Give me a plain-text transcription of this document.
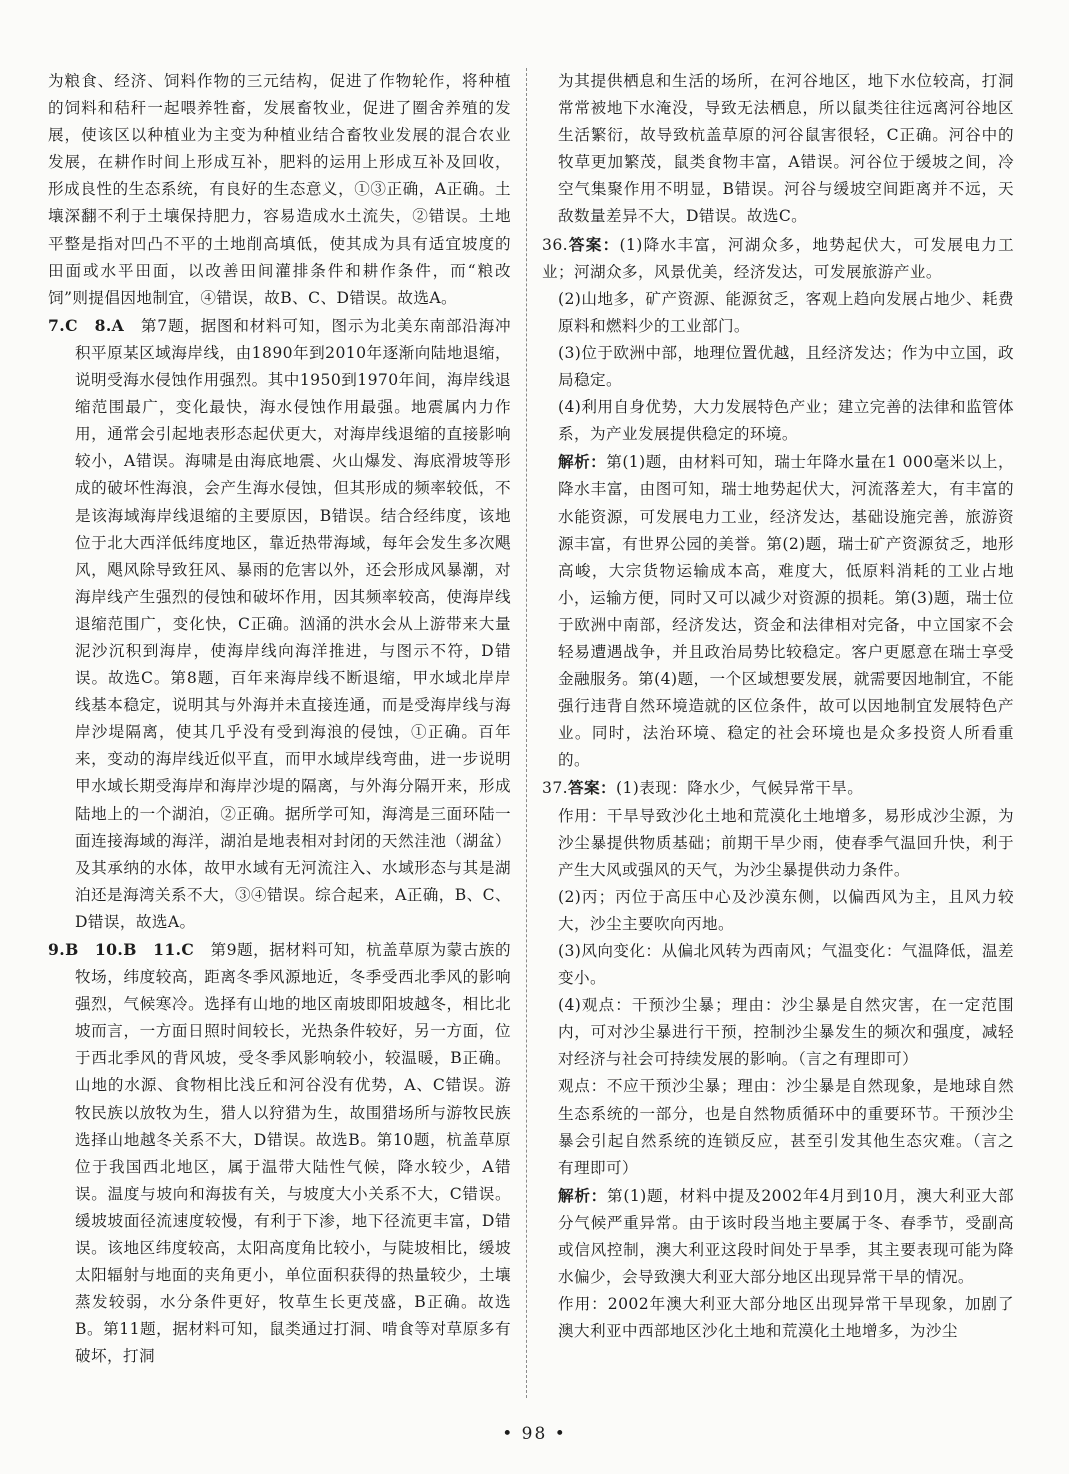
为粮食、经济、饲料作物的三元结构，促进了作物轮作，将种植的饲料和秸秆一起喂养牲畜，发展畜牧业，促进了圈舍养殖的发展，使该区以种植业为主变为种植业结合畜牧业发展的混合农业发展，在耕作时间上形成互补，肥料的运用上形成互补及回收，形成良性的生态系统，有良好的生态意义，①③正确，A正确。土壤深翻不利于土壤保持肥力，容易造成水土流失，②错误。土地平整是指对凹凸不平的土地削高填低，使其成为具有适宜坡度的田面或水平田面，以改善田间灌排条件和耕作条件，而“粮改饲”则提倡因地制宜，④错误，故B、C、D错误。故选A。

7.C　8.A　 第7题，据图和材料可知，图示为北美东南部沿海冲积平原某区域海岸线，由1890年到2010年逐渐向陆地退缩，说明受海水侵蚀作用强烈。其中1950到1970年间，海岸线退缩范围最广，变化最快，海水侵蚀作用最强。地震属内力作用，通常会引起地表形态起伏更大，对海岸线退缩的直接影响较小，A错误。海啸是由海底地震、火山爆发、海底滑坡等形成的破坏性海浪，会产生海水侵蚀，但其形成的频率较低，不是该海域海岸线退缩的主要原因，B错误。结合经纬度，该地位于北大西洋低纬度地区，靠近热带海域，每年会发生多次飓风，飓风除导致狂风、暴雨的危害以外，还会形成风暴潮，对海岸线产生强烈的侵蚀和破坏作用，因其频率较高，使海岸线退缩范围广，变化快，C正确。汹涌的洪水会从上游带来大量泥沙沉积到海岸，使海岸线向海洋推进，与图示不符，D错误。故选C。第8题，百年来海岸线不断退缩，甲水域北岸岸线基本稳定，说明其与外海并未直接连通，而是受海岸线与海岸沙堤隔离，使其几乎没有受到海浪的侵蚀，①正确。百年来，变动的海岸线近似平直，而甲水域岸线弯曲，进一步说明甲水域长期受海岸和海岸沙堤的隔离，与外海分隔开来，形成陆地上的一个湖泊，②正确。据所学可知，海湾是三面环陆一面连接海域的海洋，湖泊是地表相对封闭的天然洼池（湖盆）及其承纳的水体，故甲水域有无河流注入、水域形态与其是湖泊还是海湾关系不大，③④错误。综合起来，A正确，B、C、D错误，故选A。

9.B　10.B　11.C　 第9题，据材料可知，杭盖草原为蒙古族的牧场，纬度较高，距离冬季风源地近，冬季受西北季风的影响强烈，气候寒冷。选择有山地的地区南坡即阳坡越冬，相比北坡而言，一方面日照时间较长，光热条件较好，另一方面，位于西北季风的背风坡，受冬季风影响较小，较温暖，B正确。山地的水源、食物相比浅丘和河谷没有优势，A、C错误。游牧民族以放牧为生，猎人以狩猎为生，故围猎场所与游牧民族选择山地越冬关系不大，D错误。故选B。第10题，杭盖草原位于我国西北地区，属于温带大陆性气候，降水较少，A错误。温度与坡向和海拔有关，与坡度大小关系不大，C错误。缓坡坡面径流速度较慢，有利于下渗，地下径流更丰富，D错误。该地区纬度较高，太阳高度角比较小，与陡坡相比，缓坡太阳辐射与地面的夹角更小，单位面积获得的热量较少，土壤蒸发较弱，水分条件更好，牧草生长更茂盛，B正确。故选B。第11题，据材料可知，鼠类通过打洞、啃食等对草原多有破坏，打洞

为其提供栖息和生活的场所，在河谷地区，地下水位较高，打洞常常被地下水淹没，导致无法栖息，所以鼠类往往远离河谷地区生活繁衍，故导致杭盖草原的河谷鼠害很轻，C正确。河谷中的牧草更加繁茂，鼠类食物丰富，A错误。河谷位于缓坡之间，冷空气集聚作用不明显，B错误。河谷与缓坡空间距离并不远，天敌数量差异不大，D错误。故选C。

36.答案：(1)降水丰富，河湖众多，地势起伏大，可发展电力工业；河湖众多，风景优美，经济发达，可发展旅游产业。

(2)山地多，矿产资源、能源贫乏，客观上趋向发展占地少、耗费原料和燃料少的工业部门。

(3)位于欧洲中部，地理位置优越，且经济发达；作为中立国，政局稳定。

(4)利用自身优势，大力发展特色产业；建立完善的法律和监管体系，为产业发展提供稳定的环境。

解析：第(1)题，由材料可知，瑞士年降水量在1 000毫米以上，降水丰富，由图可知，瑞士地势起伏大，河流落差大，有丰富的水能资源，可发展电力工业，经济发达，基础设施完善，旅游资源丰富，有世界公园的美誉。第(2)题，瑞士矿产资源贫乏，地形高峻，大宗货物运输成本高，难度大，低原料消耗的工业占地小，运输方便，同时又可以减少对资源的损耗。第(3)题，瑞士位于欧洲中南部，经济发达，资金和法律相对完备，中立国家不会轻易遭遇战争，并且政治局势比较稳定。客户更愿意在瑞士享受金融服务。第(4)题，一个区域想要发展，就需要因地制宜，不能强行违背自然环境造就的区位条件，故可以因地制宜发展特色产业。同时，法治环境、稳定的社会环境也是众多投资人所看重的。

37.答案：(1)表现：降水少，气候异常干旱。

作用：干旱导致沙化土地和荒漠化土地增多，易形成沙尘源，为沙尘暴提供物质基础；前期干旱少雨，使春季气温回升快，利于产生大风或强风的天气，为沙尘暴提供动力条件。

(2)丙；丙位于高压中心及沙漠东侧，以偏西风为主，且风力较大，沙尘主要吹向丙地。

(3)风向变化：从偏北风转为西南风；气温变化：气温降低，温差变小。

(4)观点：干预沙尘暴；理由：沙尘暴是自然灾害，在一定范围内，可对沙尘暴进行干预，控制沙尘暴发生的频次和强度，减轻对经济与社会可持续发展的影响。（言之有理即可）

观点：不应干预沙尘暴；理由：沙尘暴是自然现象，是地球自然生态系统的一部分，也是自然物质循环中的重要环节。干预沙尘暴会引起自然系统的连锁反应，甚至引发其他生态灾难。（言之有理即可）

解析：第(1)题，材料中提及2002年4月到10月，澳大利亚大部分气候严重异常。由于该时段当地主要属于冬、春季节，受副高或信风控制，澳大利亚这段时间处于旱季，其主要表现可能为降水偏少，会导致澳大利亚大部分地区出现异常干旱的情况。

作用：2002年澳大利亚大部分地区出现异常干旱现象，加剧了澳大利亚中西部地区沙化土地和荒漠化土地增多，为沙尘

• 98 •
